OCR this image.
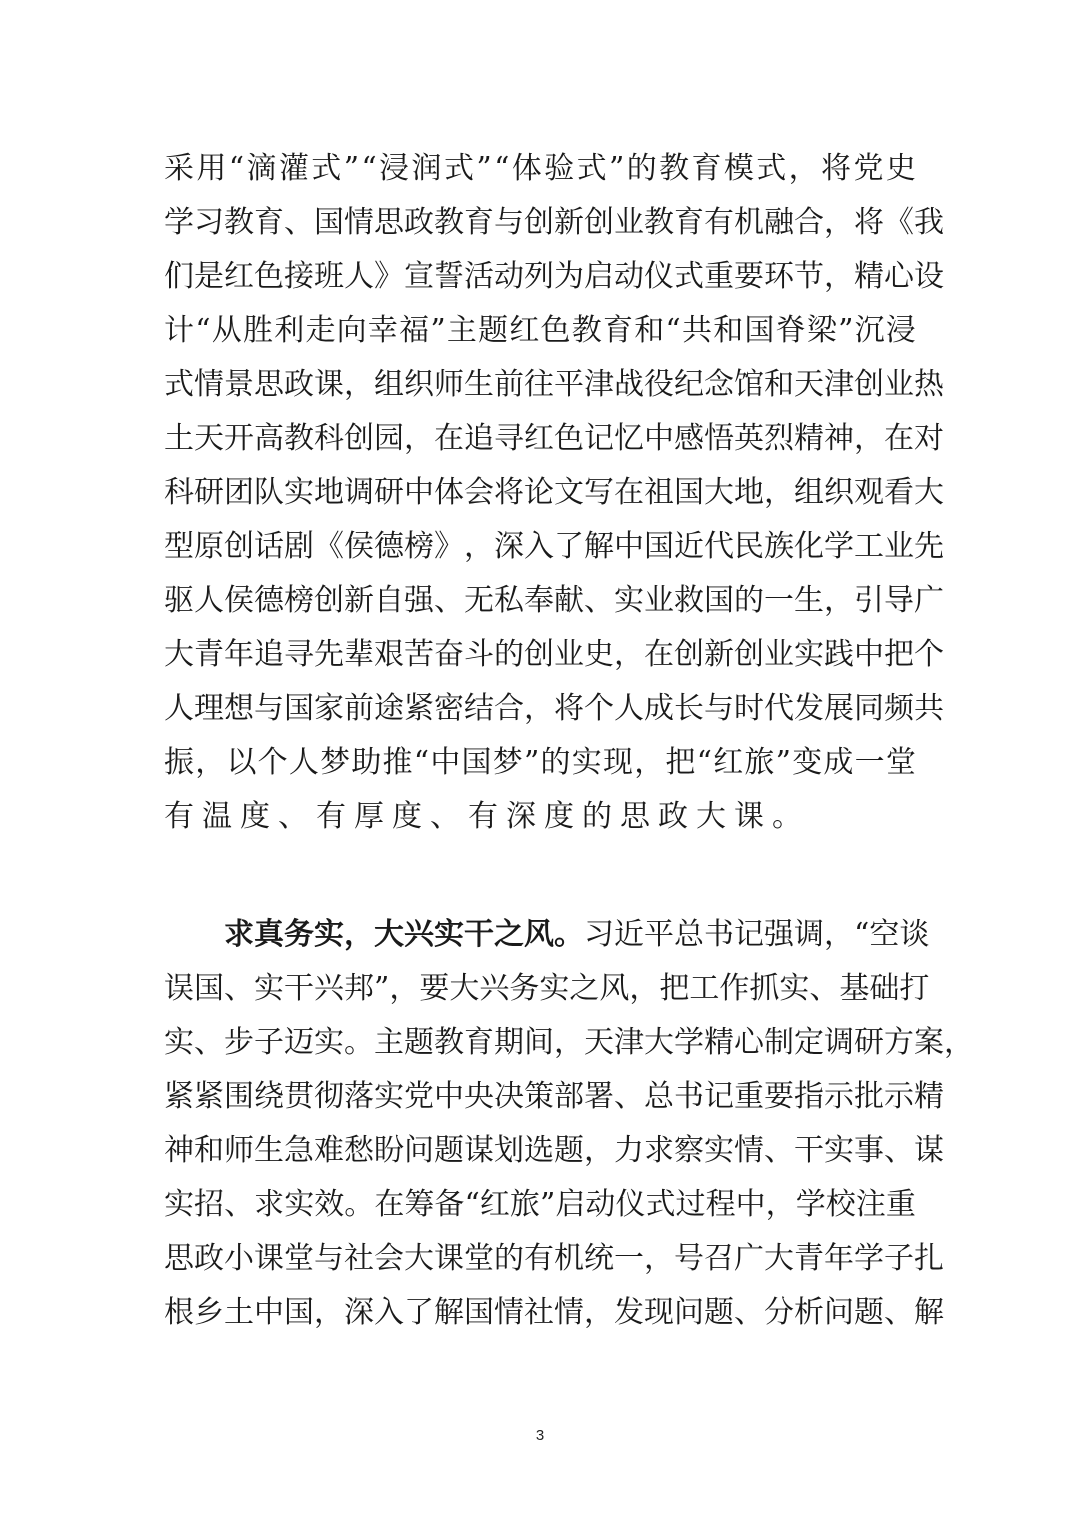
采 用 “ 滴 灌 式 ” “ 浸 润 式 ” “ 体 验 式 ” 的 教 育 模 式 ， 将 党 史
学 习 教 育 、 国 情 思 政 教 育 与 创 新 创 业 教 育 有 机 融 合 ， 将 《 我
们 是 红 色 接 班 人 》 宣 誓 活 动 列 为 启 动 仪 式 重 要 环 节 ， 精 心 设
计 “ 从 胜 利 走 向 幸 福 ” 主 题 红 色 教 育 和 “ 共 和 国 脊 梁 ” 沉 浸
式 情 景 思 政 课 ， 组 织 师 生 前 往 平 津 战 役 纪 念 馆 和 天 津 创 业 热
土 天 开 高 教 科 创 园 ， 在 追 寻 红 色 记 忆 中 感 悟 英 烈 精 神 ， 在 对
科 研 团 队 实 地 调 研 中 体 会 将 论 文 写 在 祖 国 大 地 ， 组 织 观 看 大
型 原 创 话 剧 《 侯 德 榜 》 ， 深 入 了 解 中 国 近 代 民 族 化 学 工 业 先
驱 人 侯 德 榜 创 新 自 强 、 无 私 奉 献 、 实 业 救 国 的 一 生 ， 引 导 广
大 青 年 追 寻 先 辈 艰 苦 奋 斗 的 创 业 史 ， 在 创 新 创 业 实 践 中 把 个
人 理 想 与 国 家 前 途 紧 密 结 合 ， 将 个 人 成 长 与 时 代 发 展 同 频 共
振 ， 以 个 人 梦 助 推 “ 中 国 梦 ” 的 实 现 ， 把 “ 红 旅 ” 变 成 一 堂
有温度、有厚度、有深度的思政大课。
求 真 务 实 ， 大 兴 实 干 之 风 。 习 近 平 总 书 记 强 调 ， “ 空 谈
误 国 、 实 干 兴 邦 ” ， 要 大 兴 务 实 之 风 ， 把 工 作 抓 实 、 基 础 打
实 、 步 子 迈 实 。 主 题 教 育 期 间 ， 天 津 大 学 精 心 制 定 调 研 方 案 ，
紧 紧 围 绕 贯 彻 落 实 党 中 央 决 策 部 署 、 总 书 记 重 要 指 示 批 示 精
神 和 师 生 急 难 愁 盼 问 题 谋 划 选 题 ， 力 求 察 实 情 、 干 实 事 、 谋
实 招 、 求 实 效 。 在 筹 备 “ 红 旅 ” 启 动 仪 式 过 程 中 ， 学 校 注 重
思 政 小 课 堂 与 社 会 大 课 堂 的 有 机 统 一 ， 号 召 广 大 青 年 学 子 扎
根 乡 土 中 国 ， 深 入 了 解 国 情 社 情 ， 发 现 问 题 、 分 析 问 题 、 解
3
